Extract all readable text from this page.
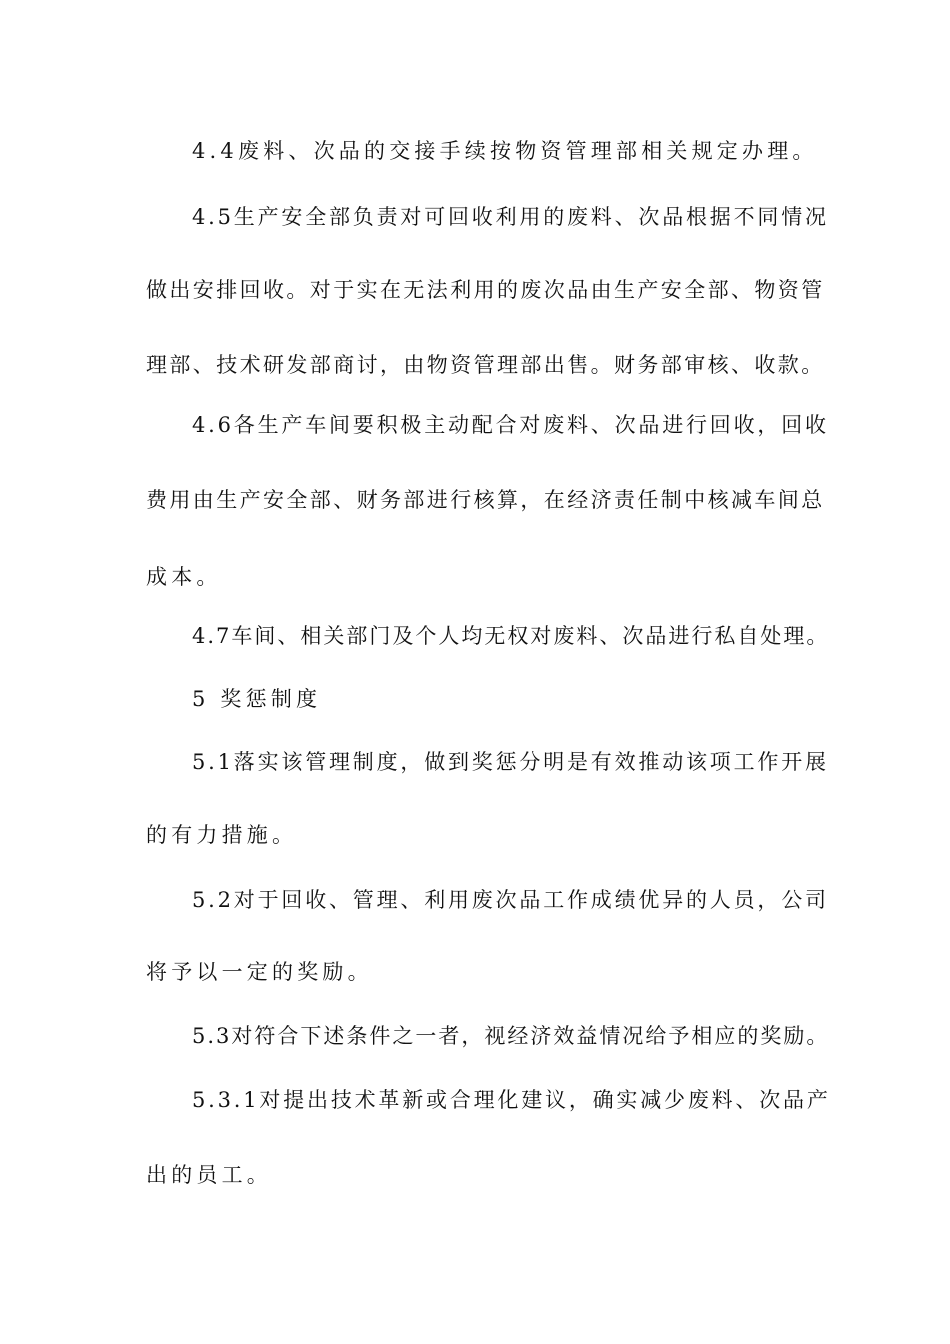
4.4废料、次品的交接手续按物资管理部相关规定办理。

4.5生产安全部负责对可回收利用的废料、次品根据不同情况

做出安排回收。对于实在无法利用的废次品由生产安全部、物资管

理部、技术研发部商讨，由物资管理部出售。财务部审核、收款。

4.6各生产车间要积极主动配合对废料、次品进行回收，回收

费用由生产安全部、财务部进行核算，在经济责任制中核减车间总

成本。

4.7车间、相关部门及个人均无权对废料、次品进行私自处理。

5 奖惩制度

5.1落实该管理制度，做到奖惩分明是有效推动该项工作开展

的有力措施。

5.2对于回收、管理、利用废次品工作成绩优异的人员，公司

将予以一定的奖励。

5.3对符合下述条件之一者，视经济效益情况给予相应的奖励。

5.3.1对提出技术革新或合理化建议，确实减少废料、次品产

出的员工。
